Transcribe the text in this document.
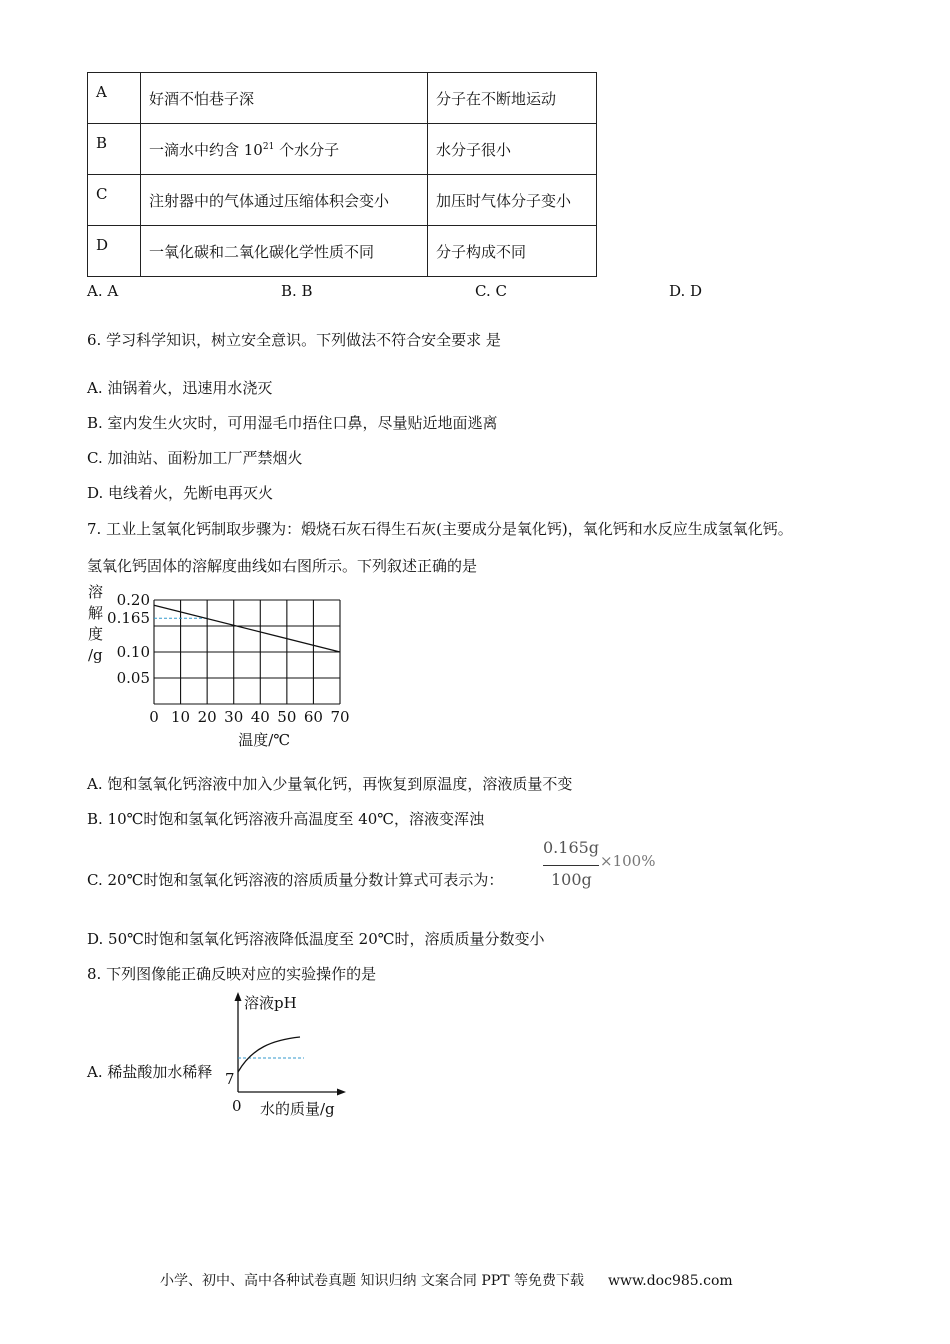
A	好酒不怕巷子深	分子在不断地运动
B	一滴水中约含 $10^{21}$ 个水分子	水分子很小
C	注射器中的气体通过压缩体积会变小	加压时气体分子变小
D	一氧化碳和二氧化碳化学性质不同	分子构成不同
A. A	B. B	C. C	D. D
6. 学习科学知识，树立安全意识。下列做法不符合安全要求 是
A. 油锅着火，迅速用水浇灭
B. 室内发生火灾时，可用湿毛巾捂住口鼻，尽量贴近地面逃离
C. 加油站、面粉加工厂严禁烟火
D. 电线着火，先断电再灭火
7. 工业上氢氧化钙制取步骤为：煅烧石灰石得生石灰(主要成分是氧化钙)，氧化钙和水反应生成氢氧化钙。
氢氧化钙固体的溶解度曲线如右图所示。下列叙述正确的是
溶
解
度
/g
0.20
0.165
0.10
0.05
0 10 20 30 40 50 60 70
温度/℃
A. 饱和氢氧化钙溶液中加入少量氧化钙，再恢复到原温度，溶液质量不变
B. 10℃时饱和氢氧化钙溶液升高温度至 40℃，溶液变浑浊
C. 20℃时饱和氢氧化钙溶液的溶质质量分数计算式可表示为：
0.165g
100g
×100%
D. 50℃时饱和氢氧化钙溶液降低温度至 20℃时，溶质质量分数变小
8. 下列图像能正确反映对应的实验操作的是
A. 稀盐酸加水稀释
溶液pH
7
0 水的质量/g
小学、初中、高中各种试卷真题 知识归纳 文案合同 PPT 等免费下载 www.doc985.com
